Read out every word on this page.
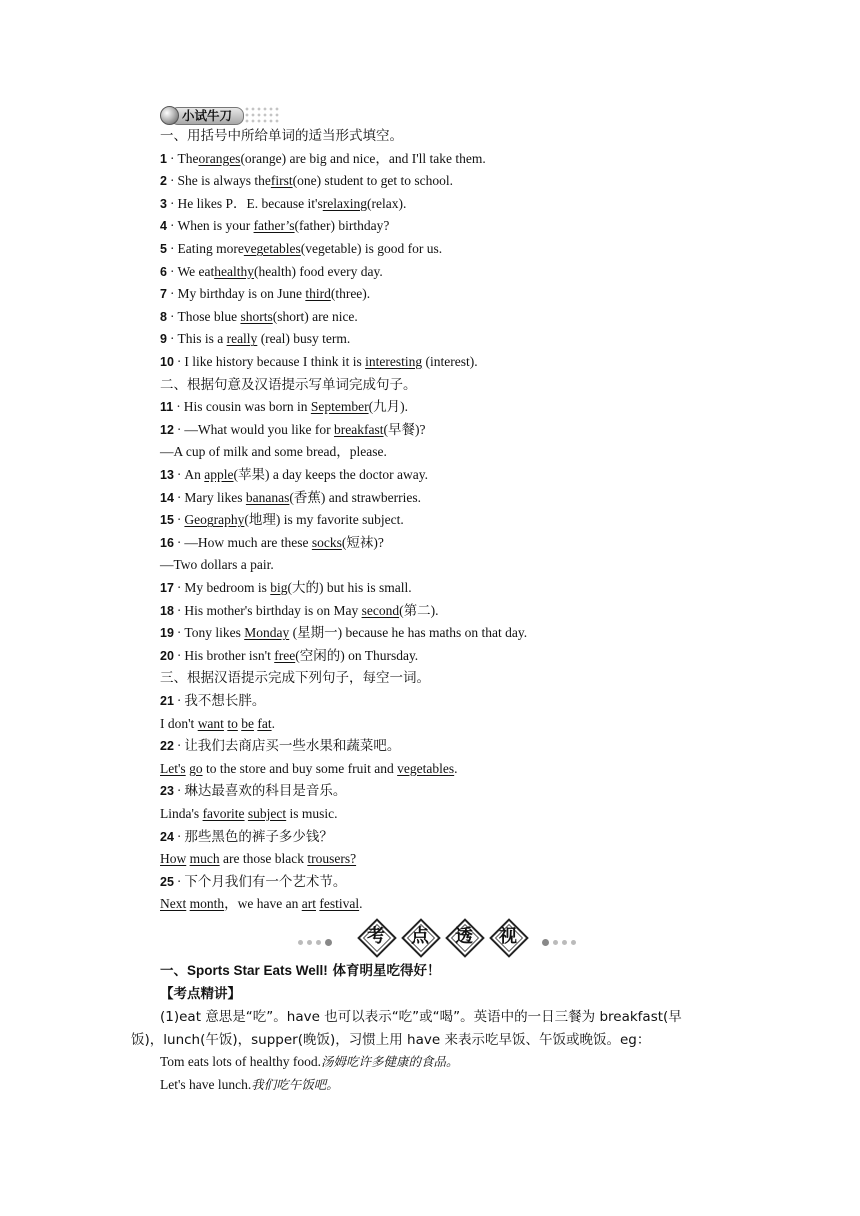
小试牛刀
一、用括号中所给单词的适当形式填空。
1 · Theoranges(orange) are big and nice，and I'll take them.
2 · She is always thefirst(one) student to get to school.
3 · He likes P．E. because it'srelaxing(relax).
4 · When is your father’s(father) birthday?
5 · Eating morevegetables(vegetable) is good for us.
6 · We eathealthy(health) food every day.
7 · My birthday is on June third(three).
8 · Those blue shorts(short) are nice.
9 · This is a really (real) busy term.
10 · I like history because I think it is interesting (interest).
二、根据句意及汉语提示写单词完成句子。
11 · His cousin was born in September(九月).
12 · —What would you like for breakfast(早餐)?
—A cup of milk and some bread，please.
13 · An apple(苹果) a day keeps the doctor away.
14 · Mary likes bananas(香蕉) and strawberries.
15 · Geography(地理) is my favorite subject.
16 · —How much are these socks(短袜)?
—Two dollars a pair.
17 · My bedroom is big(大的) but his is small.
18 · His mother's birthday is on May second(第二).
19 · Tony likes Monday (星期一) because he has maths on that day.
20 · His brother isn't free(空闲的) on Thursday.
三、根据汉语提示完成下列句子，每空一词。
21 · 我不想长胖。
I don't want to be fat.
22 · 让我们去商店买一些水果和蔬菜吧。
Let's go to the store and buy some fruit and vegetables.
23 · 琳达最喜欢的科目是音乐。
Linda's favorite subject is music.
24 · 那些黑色的裤子多少钱？
How much are those black trousers?
25 · 下个月我们有一个艺术节。
Next month，we have an art festival.
考	点	透	视
一、Sports Star Eats Well! 体育明星吃得好！
【考点精讲】
(1)eat 意思是“吃”。have 也可以表示“吃”或“喝”。英语中的一日三餐为 breakfast(早
饭)，lunch(午饭)，supper(晚饭)，习惯上用 have 来表示吃早饭、午饭或晚饭。eg：
Tom eats lots of healthy food.汤姆吃许多健康的食品。
Let's have lunch.我们吃午饭吧。
